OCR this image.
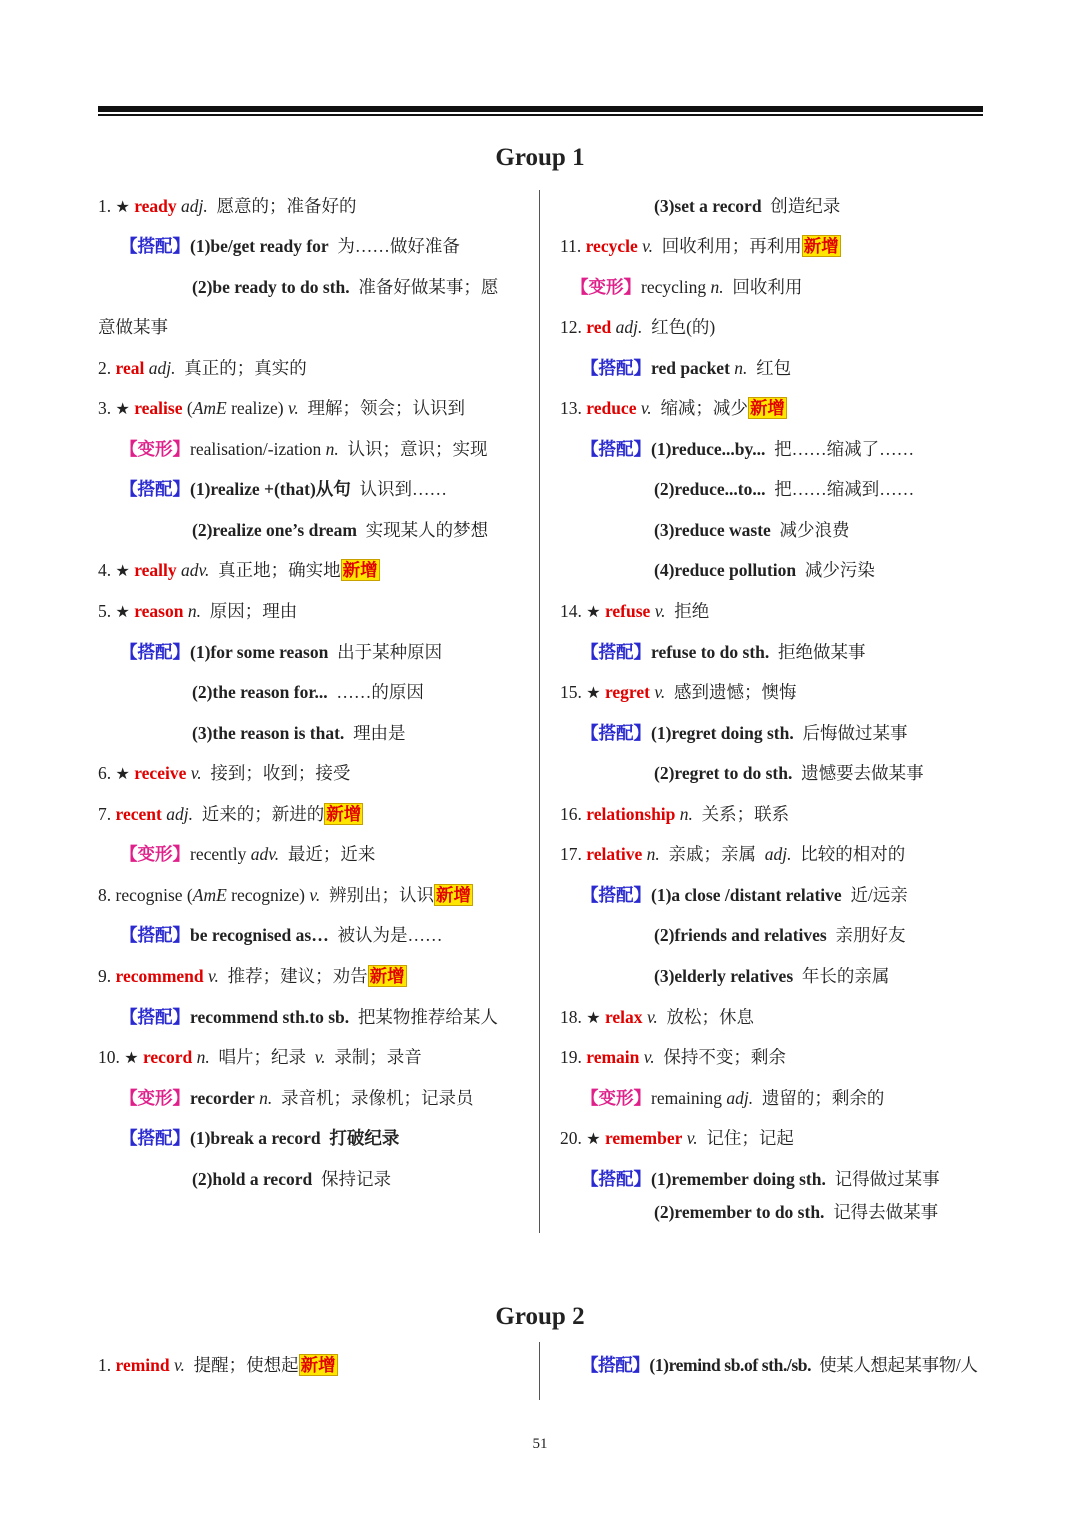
Group 1
1. ★ ready adj. 愿意的；准备好的
【搭配】(1)be/get ready for 为……做好准备
(2)be ready to do sth. 准备好做某事；愿
意做某事
2. real adj. 真正的；真实的
3. ★ realise (AmE realize) v. 理解；领会；认识到
【变形】realisation/-ization n. 认识；意识；实现
【搭配】(1)realize +(that)从句 认识到……
(2)realize one’s dream 实现某人的梦想
4. ★ really adv. 真正地；确实地 新增
5. ★ reason n. 原因；理由
【搭配】(1)for some reason 出于某种原因
(2)the reason for... ……的原因
(3)the reason is that. 理由是
6. ★ receive v. 接到；收到；接受
7. recent adj. 近来的；新进的 新增
【变形】recently adv. 最近；近来
8. recognise (AmE recognize) v. 辨别出；认识 新增
【搭配】be recognised as… 被认为是……
9. recommend v. 推荐；建议；劝告 新增
【搭配】recommend sth.to sb. 把某物推荐给某人
10. ★ record n. 唱片；纪录 v. 录制；录音
【变形】recorder n. 录音机；录像机；记录员
【搭配】(1)break a record 打破纪录
(2)hold a record 保持记录
(3)set a record 创造纪录
11. recycle v. 回收利用；再利用 新增
【变形】recycling n. 回收利用
12. red adj. 红色(的)
【搭配】red packet n. 红包
13. reduce v. 缩减；减少 新增
【搭配】(1)reduce...by... 把……缩减了……
(2)reduce...to... 把……缩减到……
(3)reduce waste 减少浪费
(4)reduce pollution 减少污染
14. ★ refuse v. 拒绝
【搭配】refuse to do sth. 拒绝做某事
15. ★ regret v. 感到遗憾；懊悔
【搭配】(1)regret doing sth. 后悔做过某事
(2)regret to do sth. 遗憾要去做某事
16. relationship n. 关系；联系
17. relative n. 亲戚；亲属 adj. 比较的相对的
【搭配】(1)a close /distant relative 近/远亲
(2)friends and relatives 亲朋好友
(3)elderly relatives 年长的亲属
18. ★ relax v. 放松；休息
19. remain v. 保持不变；剩余
【变形】remaining adj. 遗留的；剩余的
20. ★ remember v. 记住；记起
【搭配】(1)remember doing sth. 记得做过某事
(2)remember to do sth. 记得去做某事
Group 2
1. remind v. 提醒；使想起 新增	【搭配】(1)remind sb.of sth./sb. 使某人想起某事物/人
51
